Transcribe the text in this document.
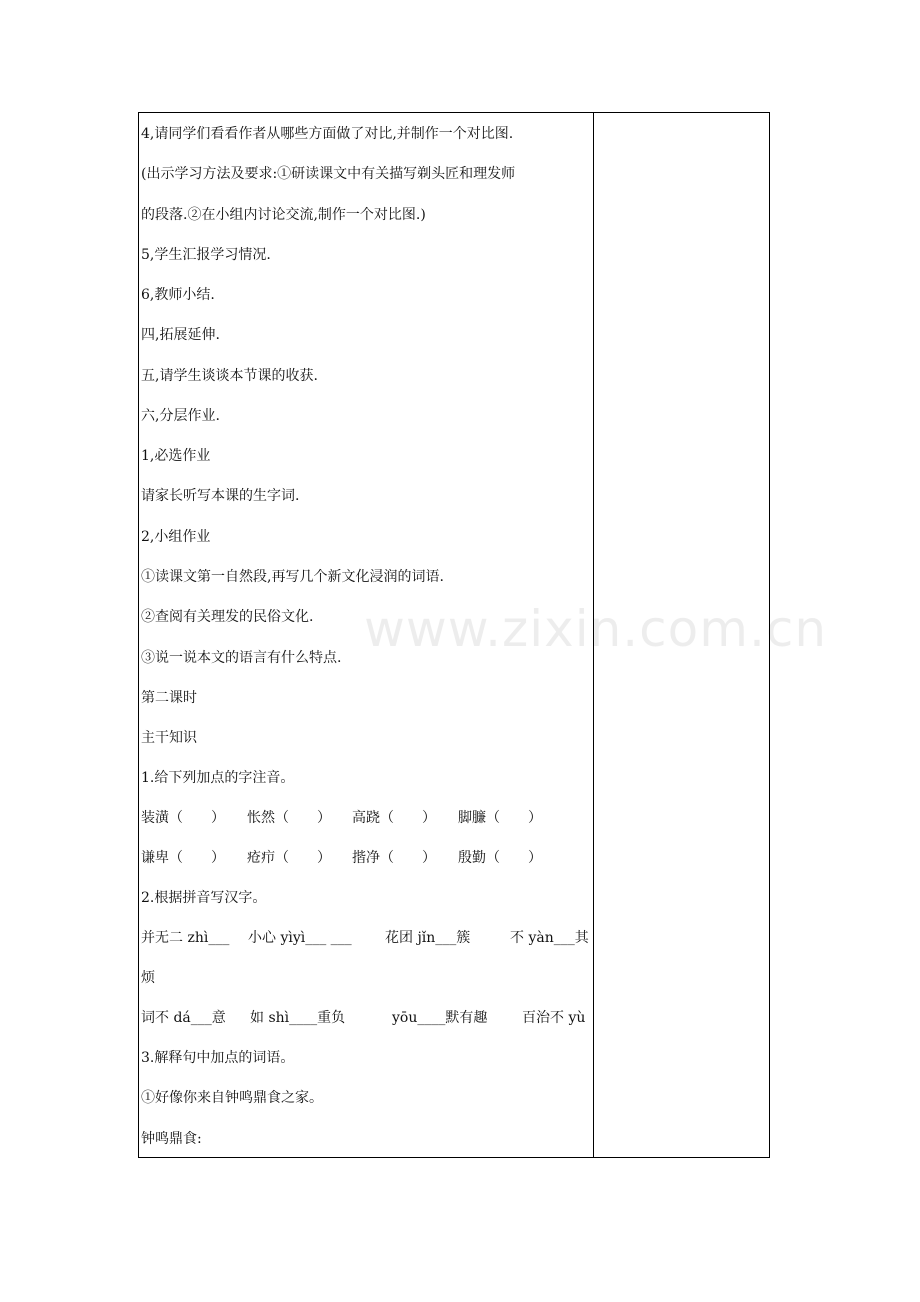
4,请同学们看看作者从哪些方面做了对比,并制作一个对比图.
(出示学习方法及要求:①研读课文中有关描写剃头匠和理发师
的段落.②在小组内讨论交流,制作一个对比图.)
5,学生汇报学习情况.
6,教师小结.
四,拓展延伸.
五,请学生谈谈本节课的收获.
六,分层作业.
1,必选作业
请家长听写本课的生字词.
2,小组作业
①读课文第一自然段,再写几个新文化浸润的词语.
②查阅有关理发的民俗文化.
③说一说本文的语言有什么特点.
第二课时
主干知识
1.给下列加点的字注音。
装潢（　　） 怅然（　　） 高跷（　　） 脚臁（　　）
谦卑（　　） 疮疖（　　） 揩净（　　） 殷勤（　　）
2.根据拼音写汉字。
并无二 zhì___ 小心 yìyì___ ___ 花团 jǐn___簇	不 yàn___其
烦
词不 dá___意 如 shì____重负	yōu____默有趣 百治不 yù
3.解释句中加点的词语。
①好像你来自钟鸣鼎食之家。
钟鸣鼎食:
www.zixin.com.cn
